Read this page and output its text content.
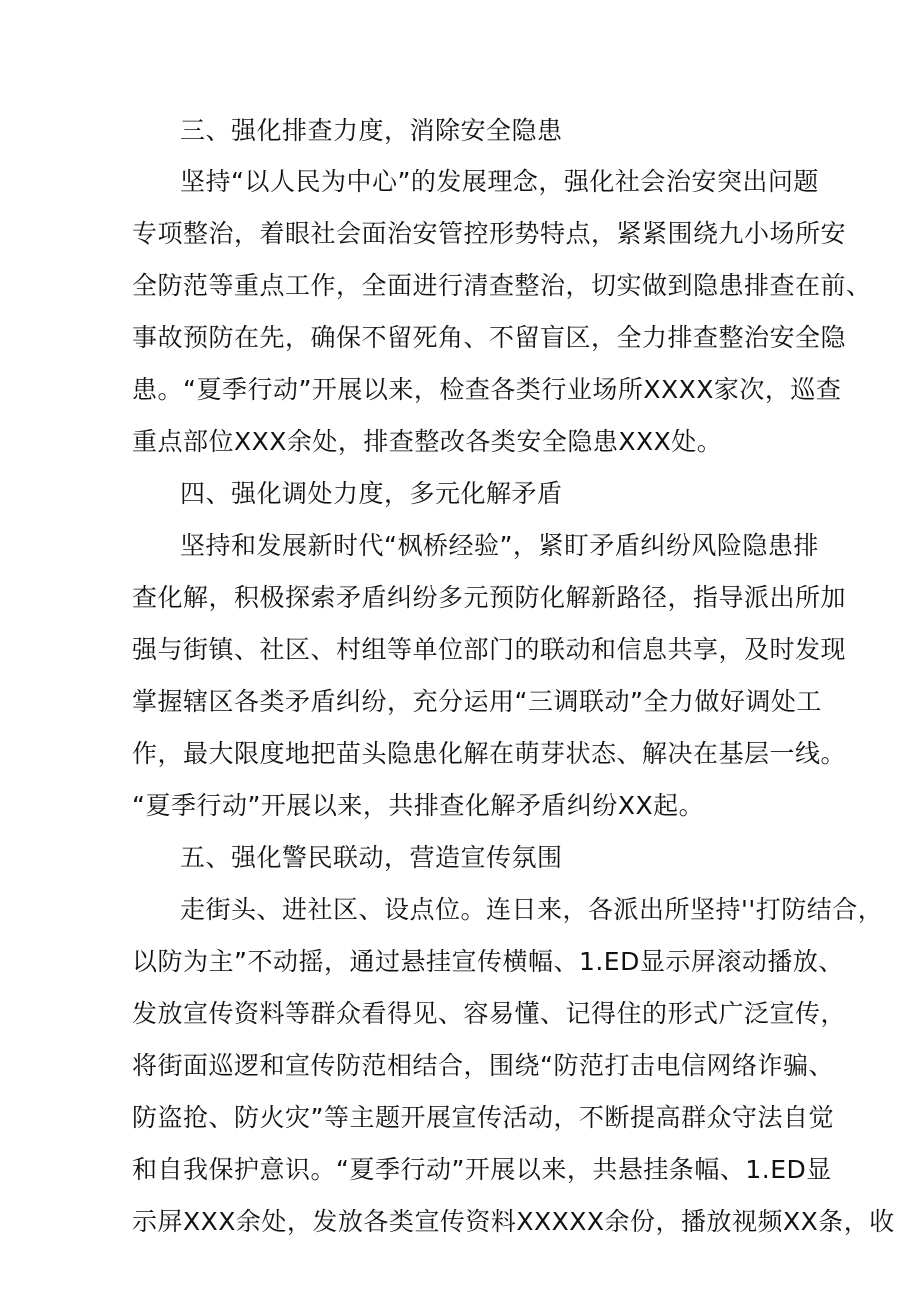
三、强化排查力度，消除安全隐患
坚持“以人民为中心”的发展理念，强化社会治安突出问题
专项整治，着眼社会面治安管控形势特点，紧紧围绕九小场所安
全防范等重点工作，全面进行清查整治，切实做到隐患排查在前、
事故预防在先，确保不留死角、不留盲区，全力排查整治安全隐
患。“夏季行动”开展以来，检查各类行业场所XXXX家次，巡查
重点部位XXX余处，排查整改各类安全隐患XXX处。
四、强化调处力度，多元化解矛盾
坚持和发展新时代“枫桥经验”，紧盯矛盾纠纷风险隐患排
查化解，积极探索矛盾纠纷多元预防化解新路径，指导派出所加
强与街镇、社区、村组等单位部门的联动和信息共享，及时发现
掌握辖区各类矛盾纠纷，充分运用“三调联动”全力做好调处工
作，最大限度地把苗头隐患化解在萌芽状态、解决在基层一线。
“夏季行动”开展以来，共排查化解矛盾纠纷XX起。
五、强化警民联动，营造宣传氛围
走街头、进社区、设点位。连日来，各派出所坚持''打防结合，
以防为主”不动摇，通过悬挂宣传横幅、1.ED显示屏滚动播放、
发放宣传资料等群众看得见、容易懂、记得住的形式广泛宣传，
将街面巡逻和宣传防范相结合，围绕“防范打击电信网络诈骗、
防盗抢、防火灾”等主题开展宣传活动，不断提高群众守法自觉
和自我保护意识。“夏季行动”开展以来，共悬挂条幅、1.ED显
示屏XXX余处，发放各类宣传资料XXXXX余份，播放视频XX条，收
